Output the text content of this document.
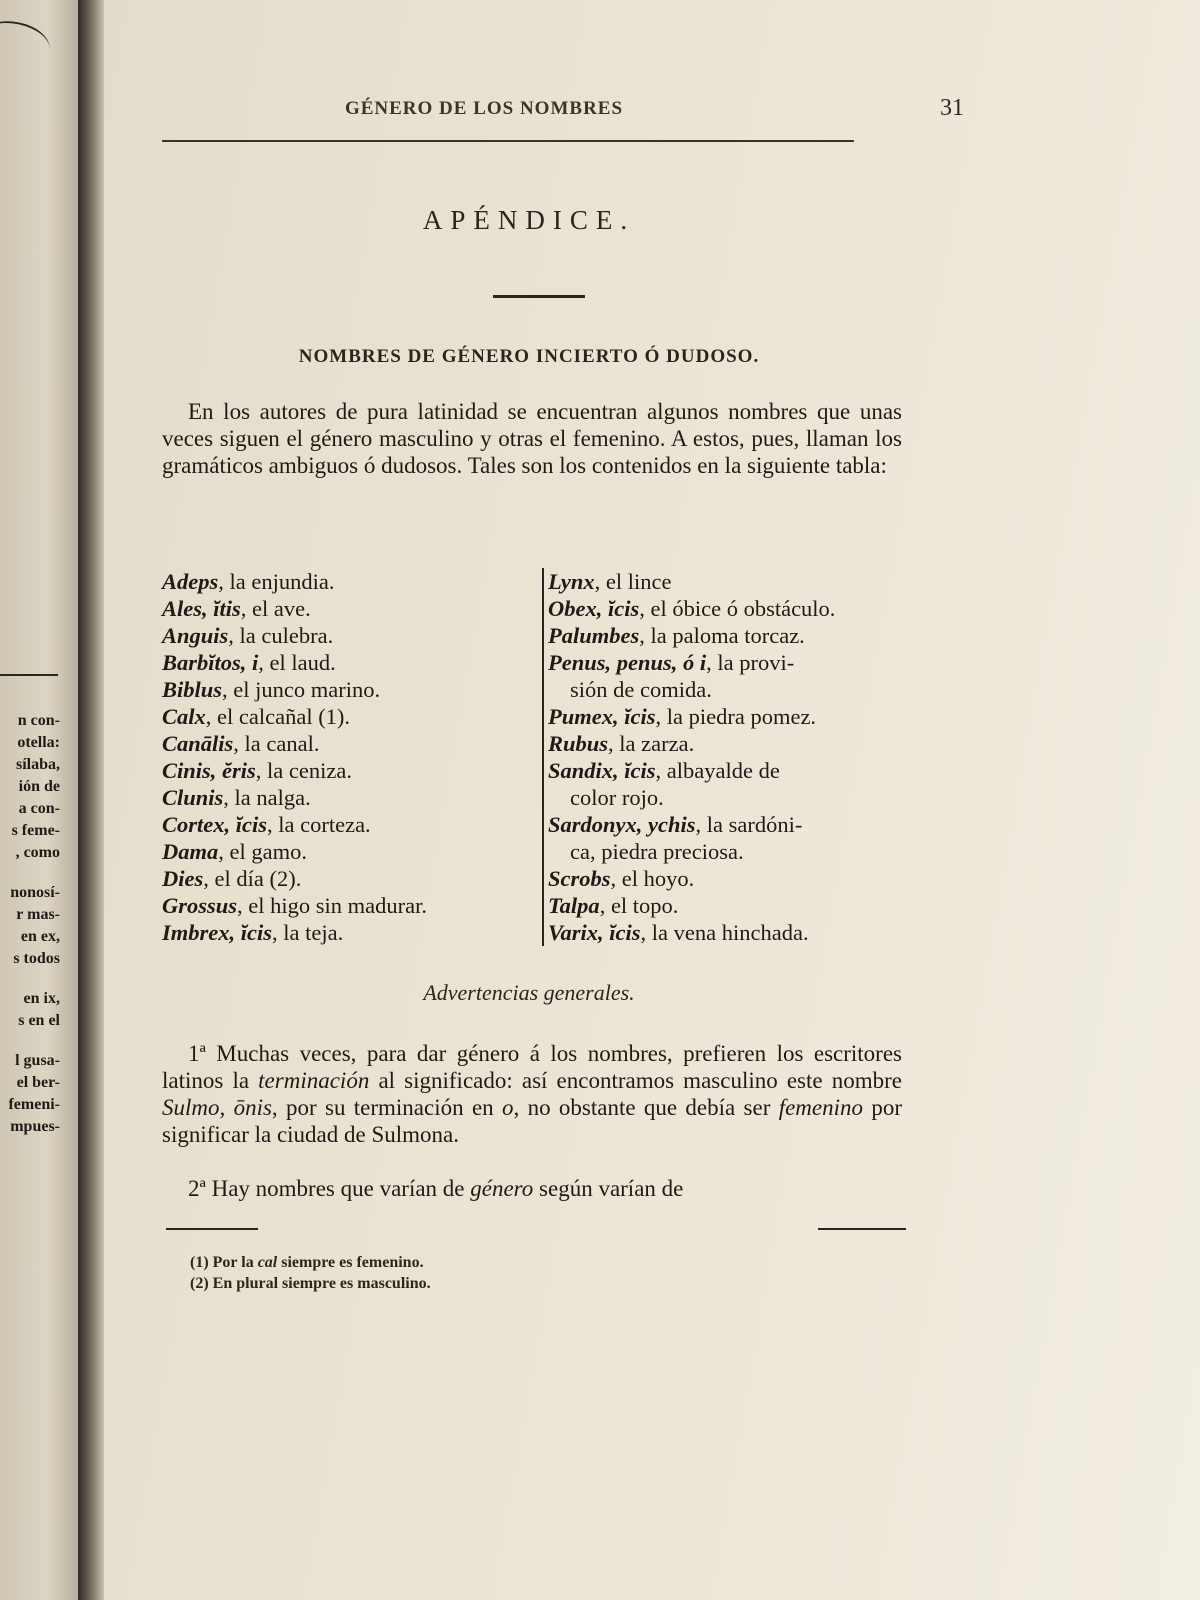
n con-

otella:

sílaba,

ión de

a con-

s feme-

, como

nonosí-

r mas-

en ex,

s todos

en ix,

s en el

l gusa-

el ber-

femeni-

mpues-

GÉNERO DE LOS NOMBRES	31
APÉNDICE.
NOMBRES DE GÉNERO INCIERTO Ó DUDOSO.

En los autores de pura latinidad se encuentran algunos nombres que unas veces siguen el género masculino y otras el femenino. A estos, pues, llaman los gramáticos ambiguos ó dudosos. Tales son los contenidos en la siguiente tabla:

Adeps, la enjundia.

Ales, ĭtis, el ave.

Anguis, la culebra.

Barbĭtos, i, el laud.

Biblus, el junco marino.

Calx, el calcañal (1).

Canālis, la canal.

Cinis, ĕris, la ceniza.

Clunis, la nalga.

Cortex, ĭcis, la corteza.

Dama, el gamo.

Dies, el día (2).

Grossus, el higo sin madurar.

Imbrex, ĭcis, la teja.

Lynx, el lince

Obex, ĭcis, el óbice ó obstáculo.

Palumbes, la paloma torcaz.

Penus, penus, ó i, la provi-
sión de comida.

Pumex, ĭcis, la piedra pomez.

Rubus, la zarza.

Sandix, ĭcis, albayalde de
color rojo.

Sardonyx, ychis, la sardóni-
ca, piedra preciosa.

Scrobs, el hoyo.

Talpa, el topo.

Varix, ĭcis, la vena hinchada.

Advertencias generales.

1ª Muchas veces, para dar género á los nombres, prefieren los escritores latinos la terminación al significado: así encontramos masculino este nombre Sulmo, ōnis, por su terminación en o, no obstante que debía ser femenino por significar la ciudad de Sulmona.

2ª Hay nombres que varían de género según varían de

(1) Por la cal siempre es femenino.

(2) En plural siempre es masculino.
